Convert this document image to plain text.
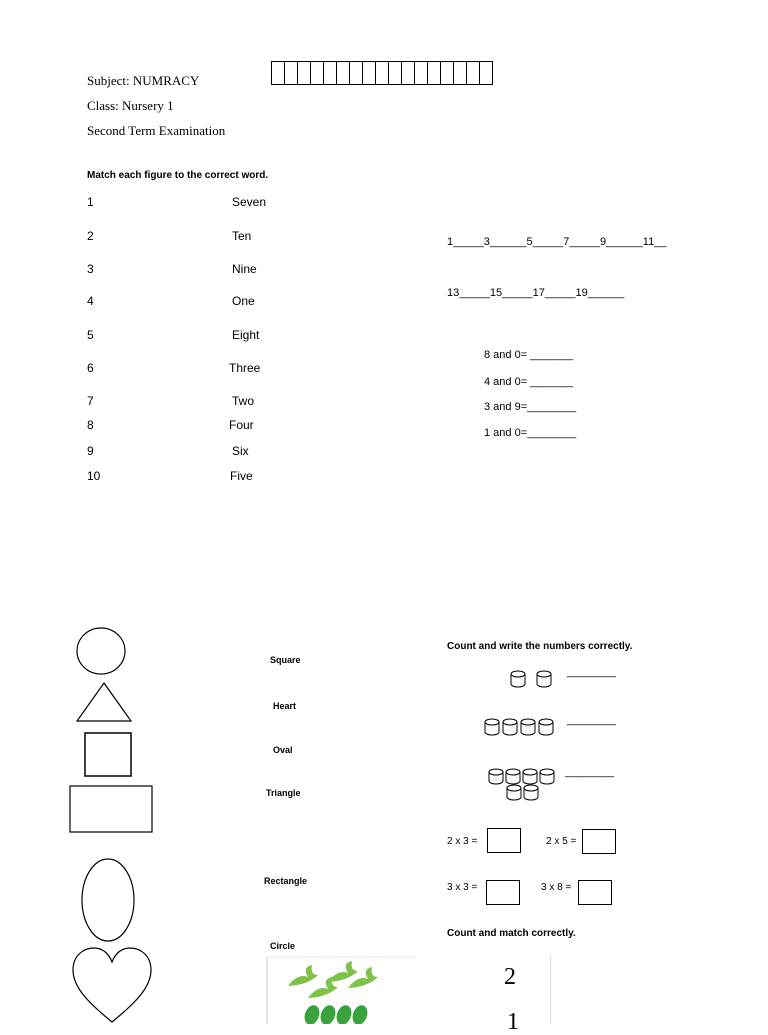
Subject: NUMRACY
Class: Nursery 1
Second Term Examination
Match each figure to the correct word.
1
2
3
4
5
6
7
8
9
10
Seven
Ten
Nine
One
Eight
Three
Two
Four
Six
Five
1_____3______5_____7_____9______11__
13_____15_____17_____19______
8 and 0= _______
4 and 0= _______
3 and 9=________
1 and 0=________
Square
Heart
Oval
Triangle
Rectangle
Circle
Count and write the numbers correctly.
________
________
________
2 x 3 =	2 x 5 =
3 x 3 =	3 x 8 =
Count and match correctly.
2
1
